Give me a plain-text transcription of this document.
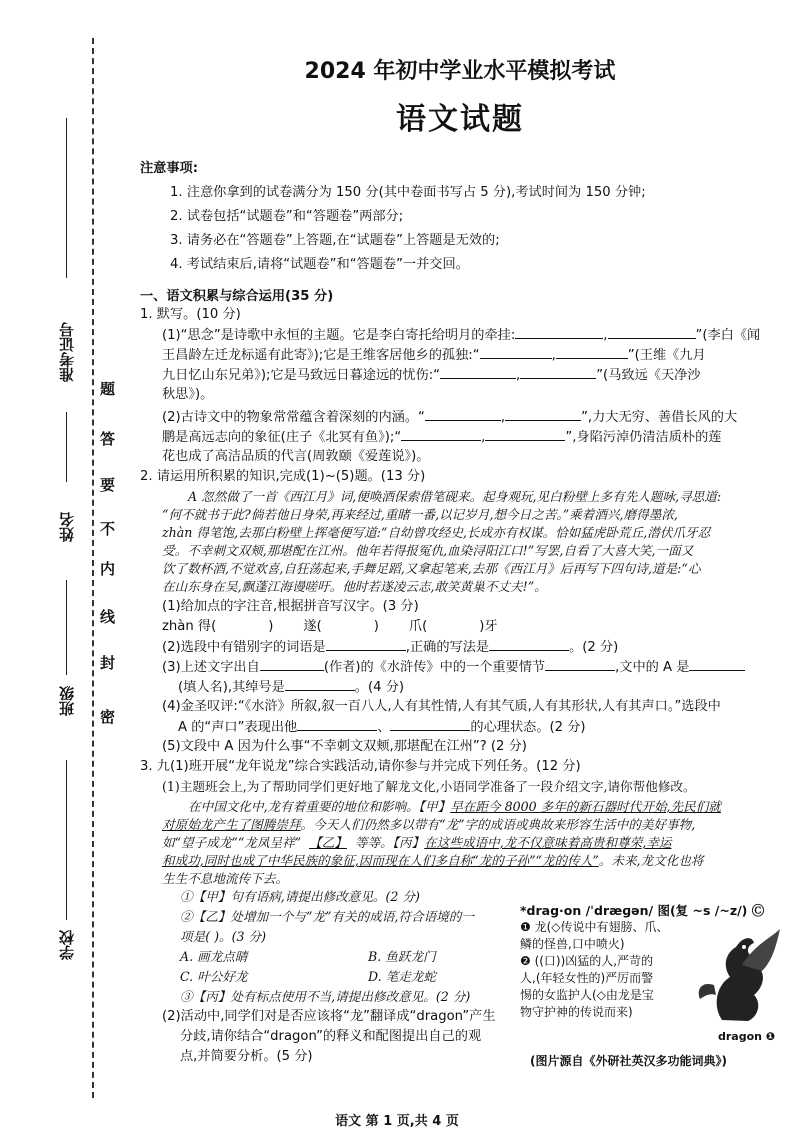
准考证号
姓名
班级
学校
密
封
线
内
不
要
答
题
2024 年初中学业水平模拟考试
语文试题
注意事项:
1. 注意你拿到的试卷满分为 150 分(其中卷面书写占 5 分),考试时间为 150 分钟;
2. 试卷包括“试题卷”和“答题卷”两部分;
3. 请务必在“答题卷”上答题,在“试题卷”上答题是无效的;
4. 考试结束后,请将“试题卷”和“答题卷”一并交回。
一、语文积累与综合运用(35 分)
1. 默写。(10 分)
(1)“思念”是诗歌中永恒的主题。它是李白寄托给明月的牵挂:	,	”(李白《闻
王昌龄左迁龙标遥有此寄》);它是王维客居他乡的孤独:“	,	”(王维《九月
九日忆山东兄弟》);它是马致远日暮途远的忧伤:“	,	”(马致远《天净沙
秋思》)。
(2)古诗文中的物象常常蕴含着深刻的内涵。“	,	”,力大无穷、善借长风的大
鹏是高远志向的象征(庄子《北冥有鱼》);“	,	”,身陷污淖仍清洁质朴的莲
花也成了高洁品质的代言(周敦颐《爱莲说》)。
2. 请运用所积累的知识,完成(1)~(5)题。(13 分)
A 忽然做了一首《西江月》词,便唤酒保索借笔砚来。起身观玩,见白粉壁上多有先人题咏,寻思道:
“何不就书于此?倘若他日身荣,再来经过,重睹一番,以记岁月,想今日之苦。”乘着酒兴,磨得墨浓,
zhàn 得笔饱,去那白粉壁上挥毫便写道:“自幼曾攻经史,长成亦有权谋。恰如猛虎卧荒丘,潜伏爪牙忍
受。不幸刺文双颊,那堪配在江州。他年若得报冤仇,血染浔阳江口!”写罢,自看了大喜大笑,一面又
饮了数杯酒,不觉欢喜,自狂荡起来,手舞足蹈,又拿起笔来,去那《西江月》后再写下四句诗,道是:“心
在山东身在吴,飘蓬江海谩嗟吁。他时若遂凌云志,敢笑黄巢不丈夫!”。
(1)给加点的字注音,根据拼音写汉字。(3 分)
zhàn 得(	) 遂(	) 爪(	)牙
(2)选段中有错别字的词语是	,正确的写法是	。(2 分)
(3)上述文字出自	(作者)的《水浒传》中的一个重要情节	,文中的 A 是
(填人名),其绰号是	。(4 分)
(4)金圣叹评:“《水浒》所叙,叙一百八人,人有其性情,人有其气质,人有其形状,人有其声口。”选段中
A 的“声口”表现出他	、	的心理状态。(2 分)
(5)文段中 A 因为什么事“不幸刺文双颊,那堪配在江州”? (2 分)
3. 九(1)班开展“龙年说龙”综合实践活动,请你参与并完成下列任务。(12 分)
(1)主题班会上,为了帮助同学们更好地了解龙文化,小语同学准备了一段介绍文字,请你帮他修改。
在中国文化中,龙有着重要的地位和影响。【甲】早在距今 8000 多年的新石器时代开始,先民们就
对原始龙产生了图腾崇拜。今天人们仍然多以带有“龙”字的成语或典故来形容生活中的美好事物,
如“望子成龙”“龙凤呈祥” 【乙】 等等。【丙】在这些成语中,龙不仅意味着高贵和尊荣,幸运
和成功,同时也成了中华民族的象征,因而现在人们多自称“龙的子孙”“龙的传人”。未来,龙文化也将
生生不息地流传下去。
①【甲】句有语病,请提出修改意见。(2 分)
②【乙】处增加一个与“龙”有关的成语,符合语境的一
项是( )。(3 分)
A. 画龙点睛	B. 鱼跃龙门
C. 叶公好龙	D. 笔走龙蛇
③【丙】处有标点使用不当,请提出修改意见。(2 分)
(2)活动中,同学们对是否应该将“龙”翻译成“dragon”产生
分歧,请你结合“dragon”的释义和配图提出自己的观
点,并简要分析。(5 分)
*drag·on /ˈdræɡən/ 图(复 ~s /~z/) Ⓒ
❶ 龙(◇传说中有翅膀、爪、
鳞的怪兽,口中喷火)
❷ ((口))凶猛的人,严苛的
人,(年轻女性的)严厉而警
惕的女监护人(◇由龙是宝
物守护神的传说而来)
dragon ❶
(图片源自《外研社英汉多功能词典》)
语文 第 1 页,共 4 页
